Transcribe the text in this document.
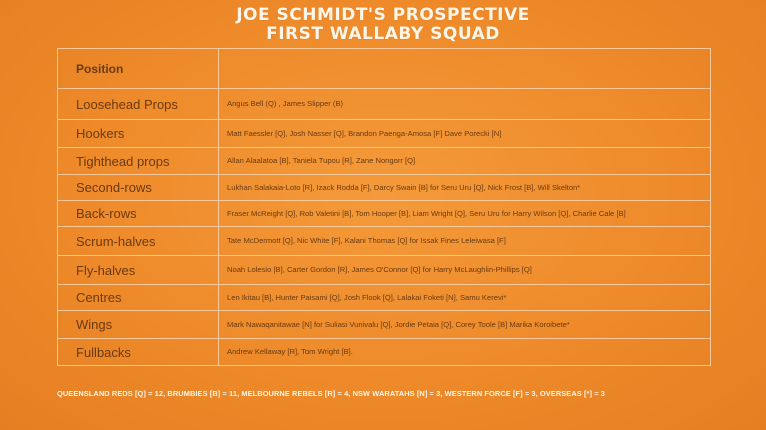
JOE SCHMIDT'S PROSPECTIVE
FIRST WALLABY SQUAD
Position
Loosehead Props	Angus Bell (Q) , James Slipper (B)
Hookers	Matt Faessler [Q], Josh Nasser [Q], Brandon Paenga-Amosa [F] Dave Porecki [N]
Tighthead props	Allan Alaalatoa [B], Taniela Tupou [R], Zane Nongorr [Q]
Second-rows	Lukhan Salakaia-Loto [R], Izack Rodda [F], Darcy Swain [B] for Seru Uru [Q], Nick Frost [B], Will Skelton*
Back-rows	Fraser McReight [Q], Rob Valetini [B], Tom Hooper [B], Liam Wright [Q], Seru Uru for Harry Wilson [Q], Charlie Cale [B]
Scrum-halves	Tate McDermott [Q], Nic White [F], Kalani Thomas [Q] for Issak Fines Leleiwasa [F]
Fly-halves	Noah Lolesio [B], Carter Gordon [R], James O'Connor [Q] for Harry McLaughlin-Phillips [Q]
Centres	Len Ikitau [B], Hunter Paisami [Q], Josh Flook [Q], Lalakai Foketi [N], Samu Kerevi*
Wings	Mark Nawaqanitawae [N] for Suliasi Vunivalu [Q], Jordie Petaia [Q], Corey Toole [B] Marika Koroibete*
Fullbacks	Andrew Kellaway [R], Tom Wright [B].
QUEENSLAND REDS [Q] = 12, BRUMBIES [B] = 11, MELBOURNE REBELS [R] = 4, NSW WARATAHS [N] = 3, WESTERN FORCE [F] = 3, OVERSEAS [*] = 3
